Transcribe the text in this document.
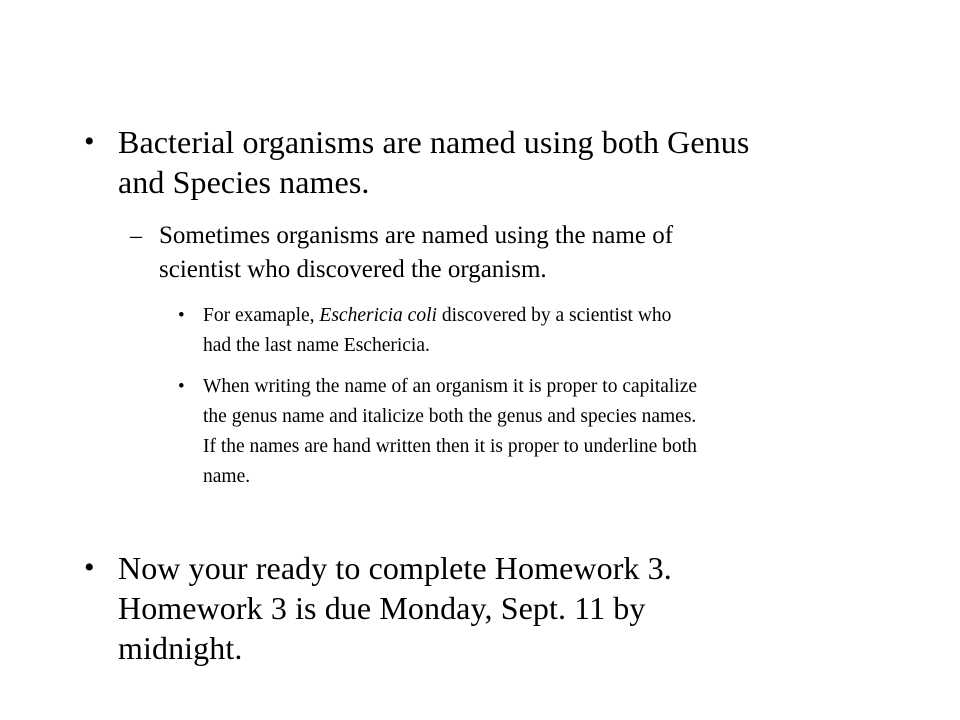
• Bacterial organisms are named using both Genus
and Species names.
– Sometimes organisms are named using the name of
scientist who discovered the organism.
• For examaple, Eschericia coli discovered by a scientist who
had the last name Eschericia.
• When writing the name of an organism it is proper to capitalize
the genus name and italicize both the genus and species names.
If the names are hand written then it is proper to underline both
name.
• Now your ready to complete Homework 3.
Homework 3 is due Monday, Sept. 11 by
midnight.
